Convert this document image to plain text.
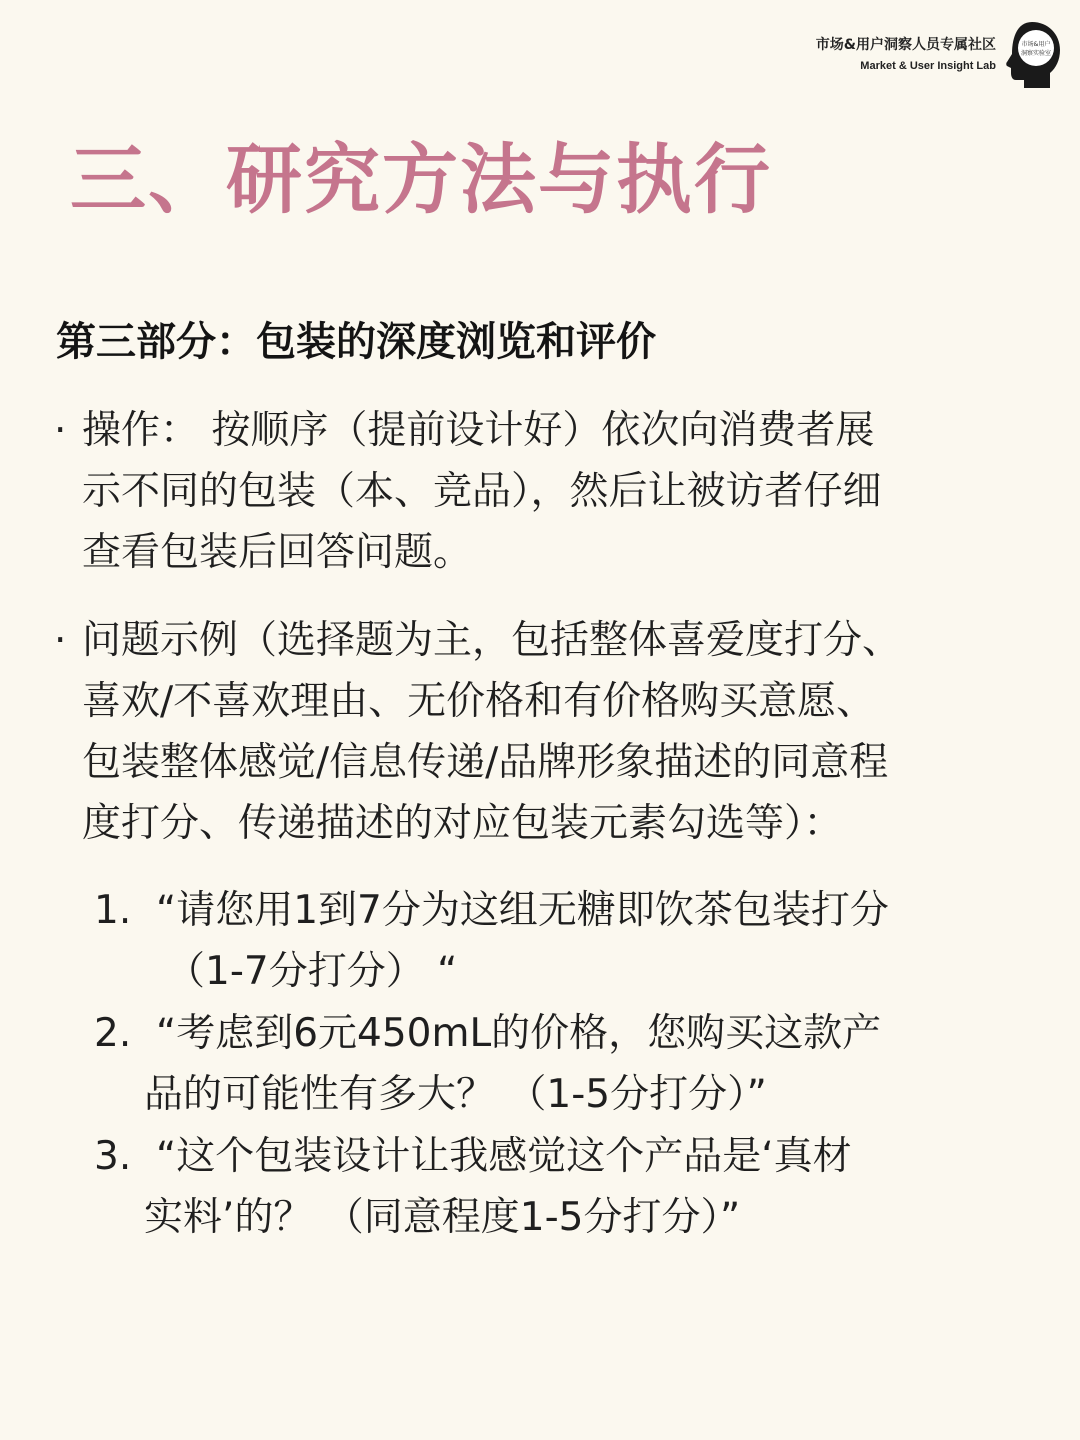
市场&用户洞察人员专属社区
Market & User Insight Lab
市场&用户
洞察实验室
三、研究方法与执行
第三部分：包装的深度浏览和评价
· 操作： 按顺序（提前设计好）依次向消费者展
示不同的包装（本、竞品），然后让被访者仔细
查看包装后回答问题。
· 问题示例（选择题为主，包括整体喜爱度打分、
喜欢/不喜欢理由、无价格和有价格购买意愿、
包装整体感觉/信息传递/品牌形象描述的同意程
度打分、传递描述的对应包装元素勾选等）：
1. “请您用1到7分为这组无糖即饮茶包装打分
（1-7分打分） “
2. “考虑到6元450mL的价格，您购买这款产
品的可能性有多大？ （1-5分打分）”
3. “这个包装设计让我感觉这个产品是‘真材
实料’的？ （同意程度1-5分打分）”
